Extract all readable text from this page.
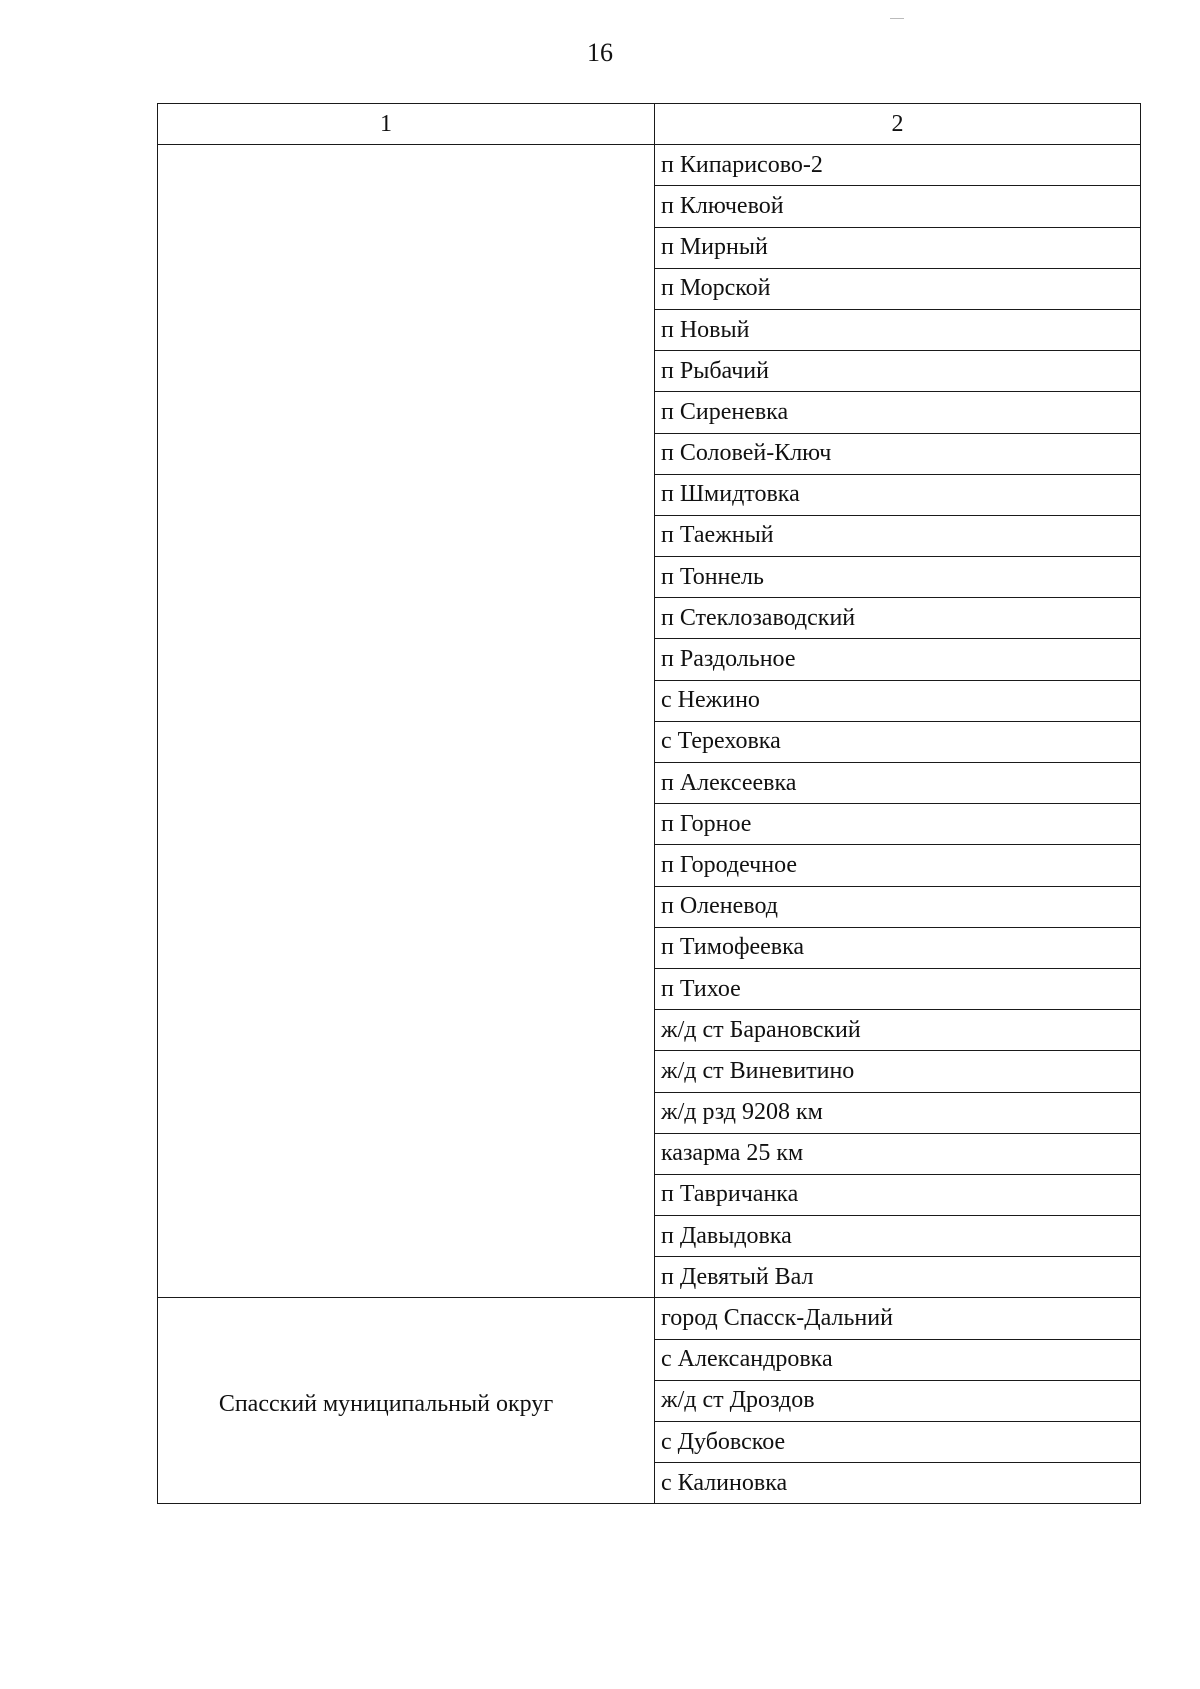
16
1	2
	п Кипарисово-2
	п Ключевой
	п Мирный
	п Морской
	п Новый
	п Рыбачий
	п Сиреневка
	п Соловей-Ключ
	п Шмидтовка
	п Таежный
	п Тоннель
	п Стеклозаводский
	п Раздольное
	с Нежино
	с Тереховка
	п Алексеевка
	п Горное
	п Городечное
	п Оленевод
	п Тимофеевка
	п Тихое
	ж/д ст Барановский
	ж/д ст Виневитино
	ж/д рзд 9208 км
	казарма 25 км
	п Тавричанка
	п Давыдовка
	п Девятый Вал
Спасский муниципальный округ	город Спасск-Дальний
	с Александровка
	ж/д ст Дроздов
	с Дубовское
	с Калиновка
